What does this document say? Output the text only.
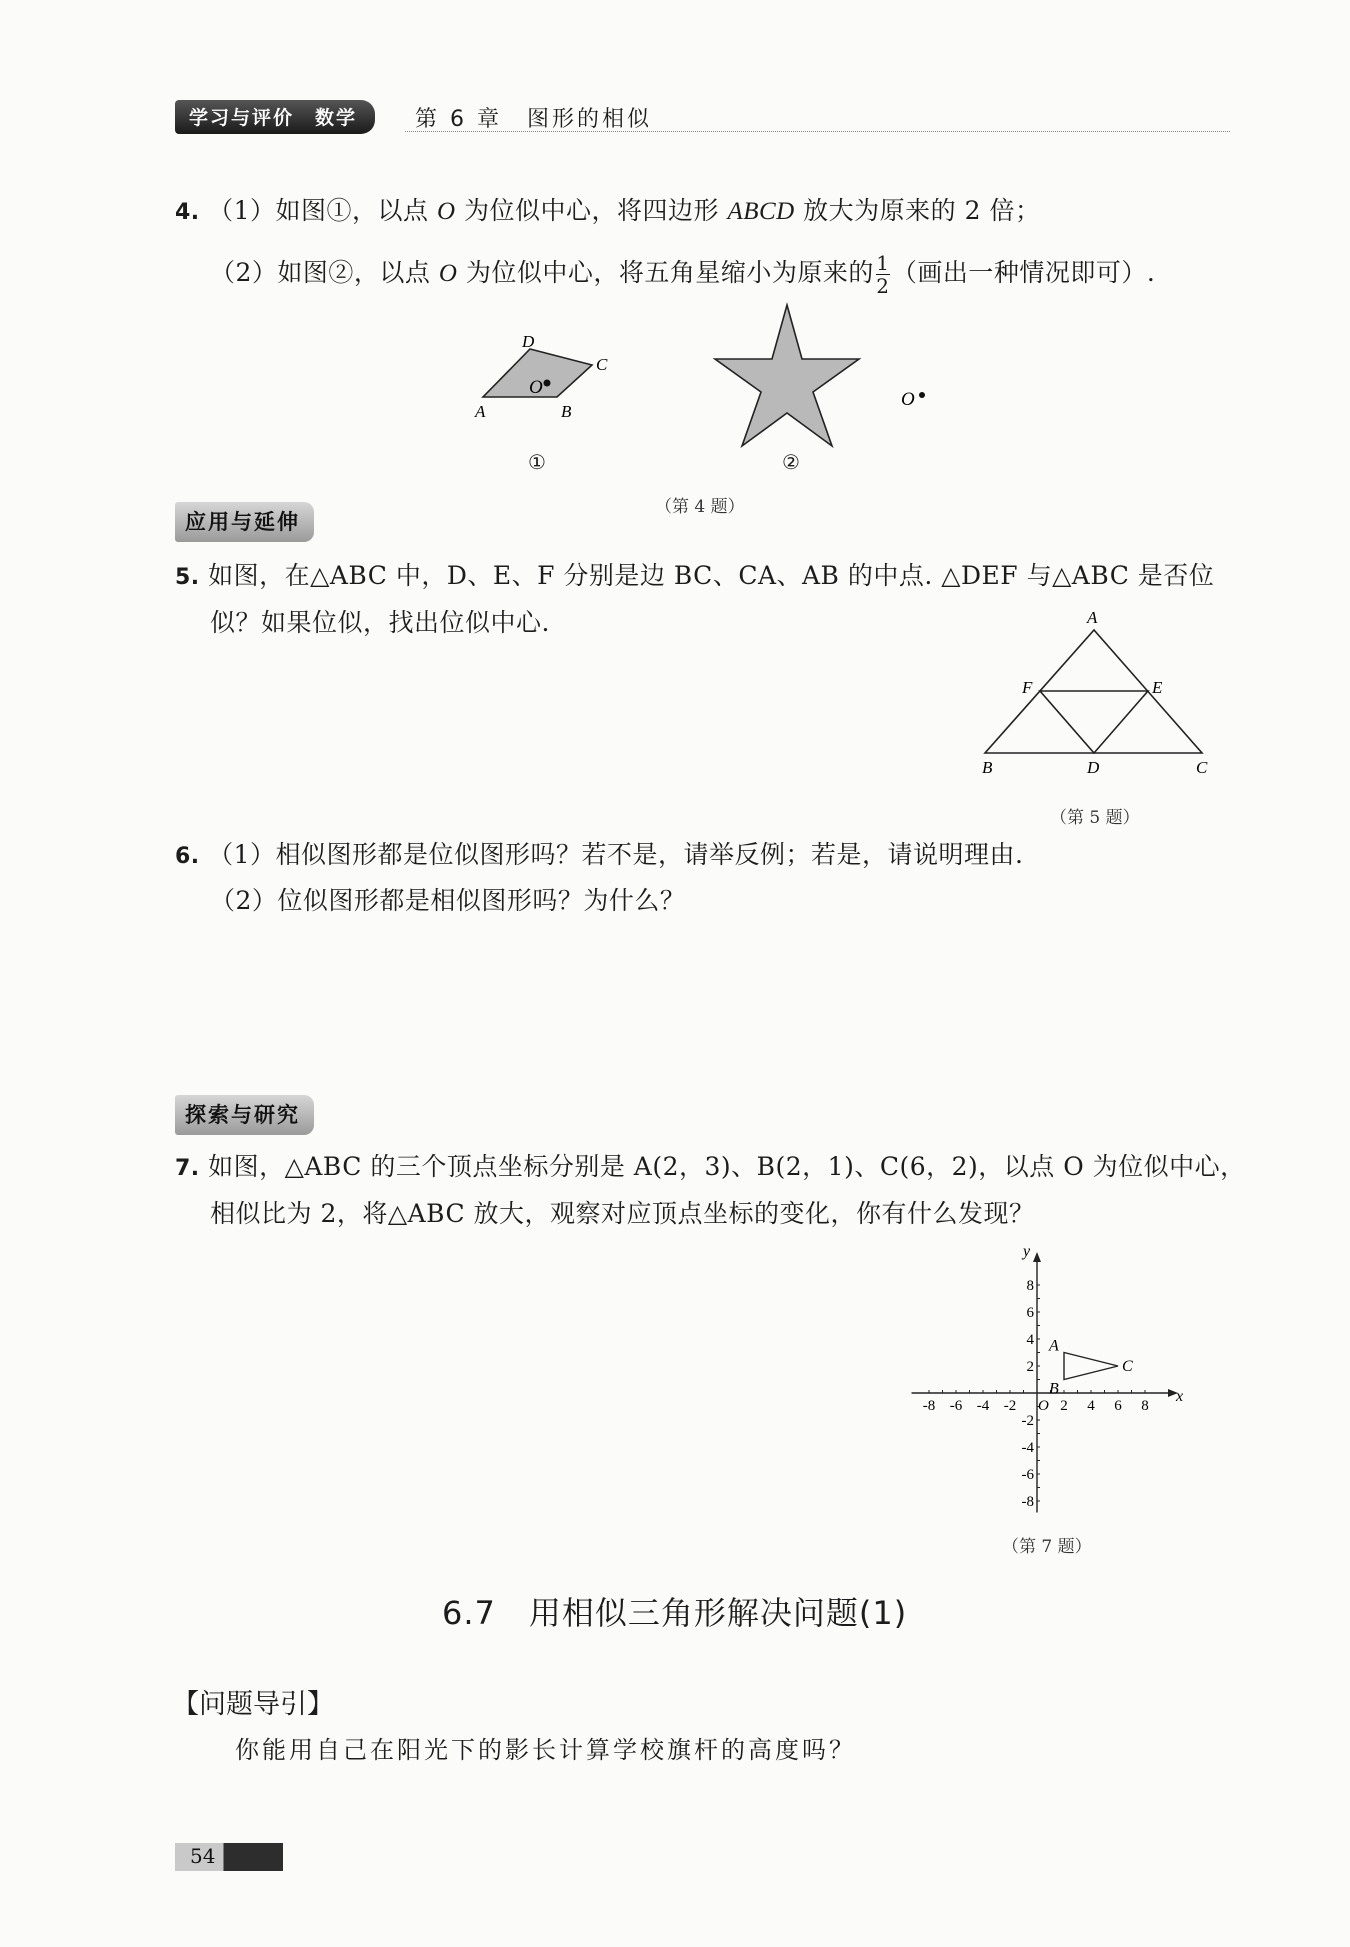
学习与评价　数学	第 6 章　图形的相似
4. （1）如图①，以点 O 为位似中心，将四边形 ABCD 放大为原来的 2 倍；
（2）如图②，以点 O 为位似中心，将五角星缩小为原来的 $\frac{1}{2}$ （画出一种情况即可）.
O
A	B
C
D
①
O
②
（第 4 题）
应用与延伸
5. 如图，在△ABC 中，D、E、F 分别是边 BC、CA、AB 的中点. △DEF 与△ABC 是否位
似？如果位似，找出位似中心.	A
B	C
D
E
F
（第 5 题）
6. （1）相似图形都是位似图形吗？若不是，请举反例；若是，请说明理由.
（2）位似图形都是相似图形吗？为什么？
探索与研究
7. 如图，△ABC 的三个顶点坐标分别是 A(2，3)、B(2，1)、C(6，2)，以点 O 为位似中心，
相似比为 2，将△ABC 放大，观察对应顶点坐标的变化，你有什么发现？
x
y
-8 -6 -4 -2	2 4 6 8
8
6
4
2
-2
-4
-6
-8
O
A
B
C
（第 7 题）
6.7　用相似三角形解决问题(1)
【问题导引】
你能用自己在阳光下的影长计算学校旗杆的高度吗？
54
